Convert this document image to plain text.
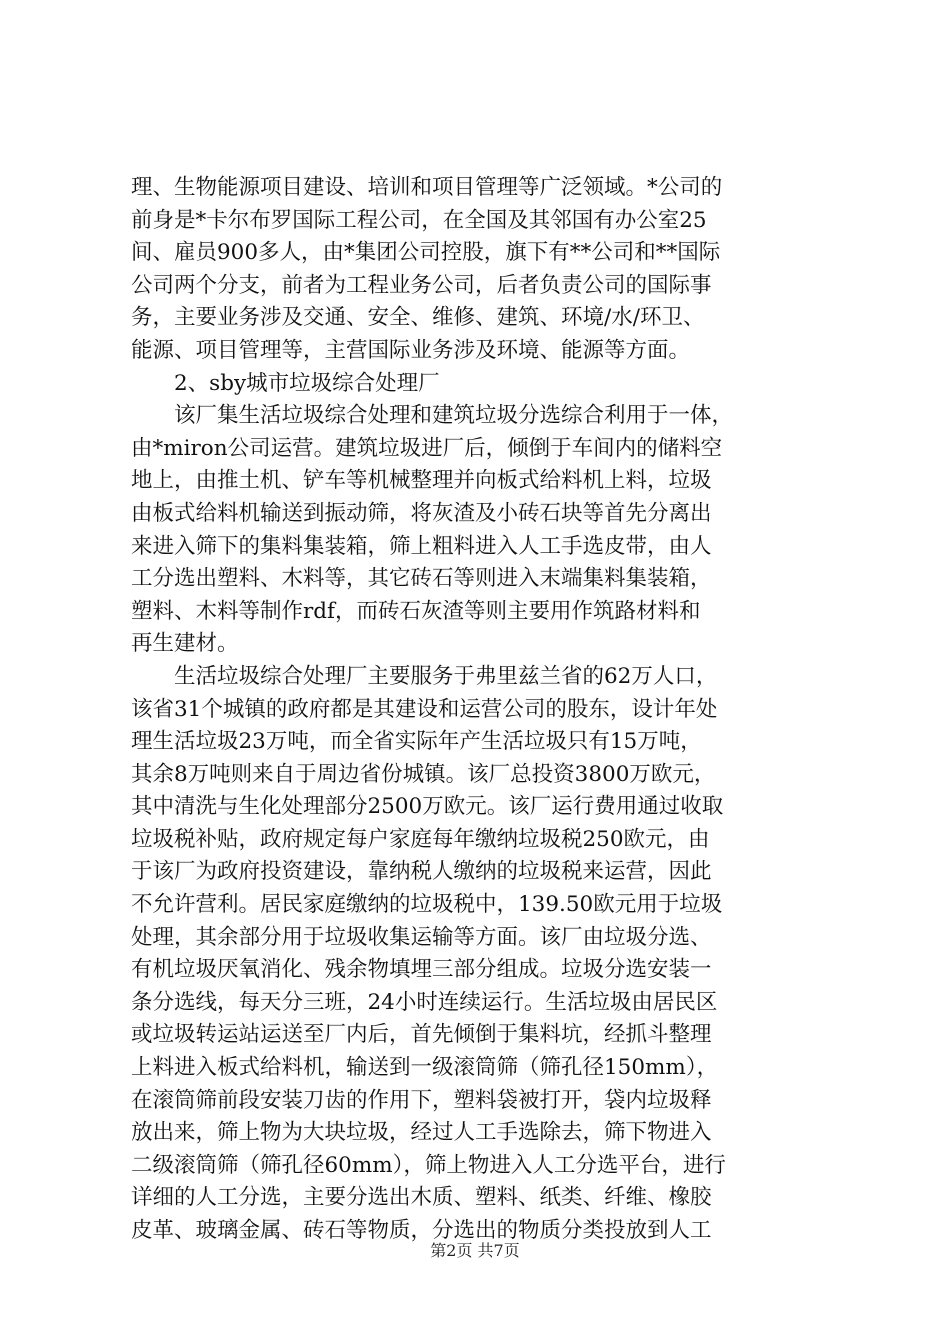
理、生物能源项目建设、培训和项目管理等广泛领域。*公司的
前身是*卡尔布罗国际工程公司，在全国及其邻国有办公室25
间、雇员900多人，由*集团公司控股，旗下有**公司和**国际
公司两个分支，前者为工程业务公司，后者负责公司的国际事
务，主要业务涉及交通、安全、维修、建筑、环境/水/环卫、
能源、项目管理等，主营国际业务涉及环境、能源等方面。
2、sby城市垃圾综合处理厂
　　该厂集生活垃圾综合处理和建筑垃圾分选综合利用于一体，
由*miron公司运营。建筑垃圾进厂后，倾倒于车间内的储料空
地上，由推土机、铲车等机械整理并向板式给料机上料，垃圾
由板式给料机输送到振动筛，将灰渣及小砖石块等首先分离出
来进入筛下的集料集装箱，筛上粗料进入人工手选皮带，由人
工分选出塑料、木料等，其它砖石等则进入末端集料集装箱，
塑料、木料等制作rdf，而砖石灰渣等则主要用作筑路材料和
再生建材。
　　生活垃圾综合处理厂主要服务于弗里兹兰省的62万人口，
该省31个城镇的政府都是其建设和运营公司的股东，设计年处
理生活垃圾23万吨，而全省实际年产生活垃圾只有15万吨，
其余8万吨则来自于周边省份城镇。该厂总投资3800万欧元，
其中清洗与生化处理部分2500万欧元。该厂运行费用通过收取
垃圾税补贴，政府规定每户家庭每年缴纳垃圾税250欧元，由
于该厂为政府投资建设，靠纳税人缴纳的垃圾税来运营，因此
不允许营利。居民家庭缴纳的垃圾税中，139.50欧元用于垃圾
处理，其余部分用于垃圾收集运输等方面。该厂由垃圾分选、
有机垃圾厌氧消化、残余物填埋三部分组成。垃圾分选安装一
条分选线，每天分三班，24小时连续运行。生活垃圾由居民区
或垃圾转运站运送至厂内后，首先倾倒于集料坑，经抓斗整理
上料进入板式给料机，输送到一级滚筒筛（筛孔径150mm），
在滚筒筛前段安装刀齿的作用下，塑料袋被打开，袋内垃圾释
放出来，筛上物为大块垃圾，经过人工手选除去，筛下物进入
二级滚筒筛（筛孔径60mm），筛上物进入人工分选平台，进行
详细的人工分选，主要分选出木质、塑料、纸类、纤维、橡胶
皮革、玻璃金属、砖石等物质，分选出的物质分类投放到人工
第2页 共7页
